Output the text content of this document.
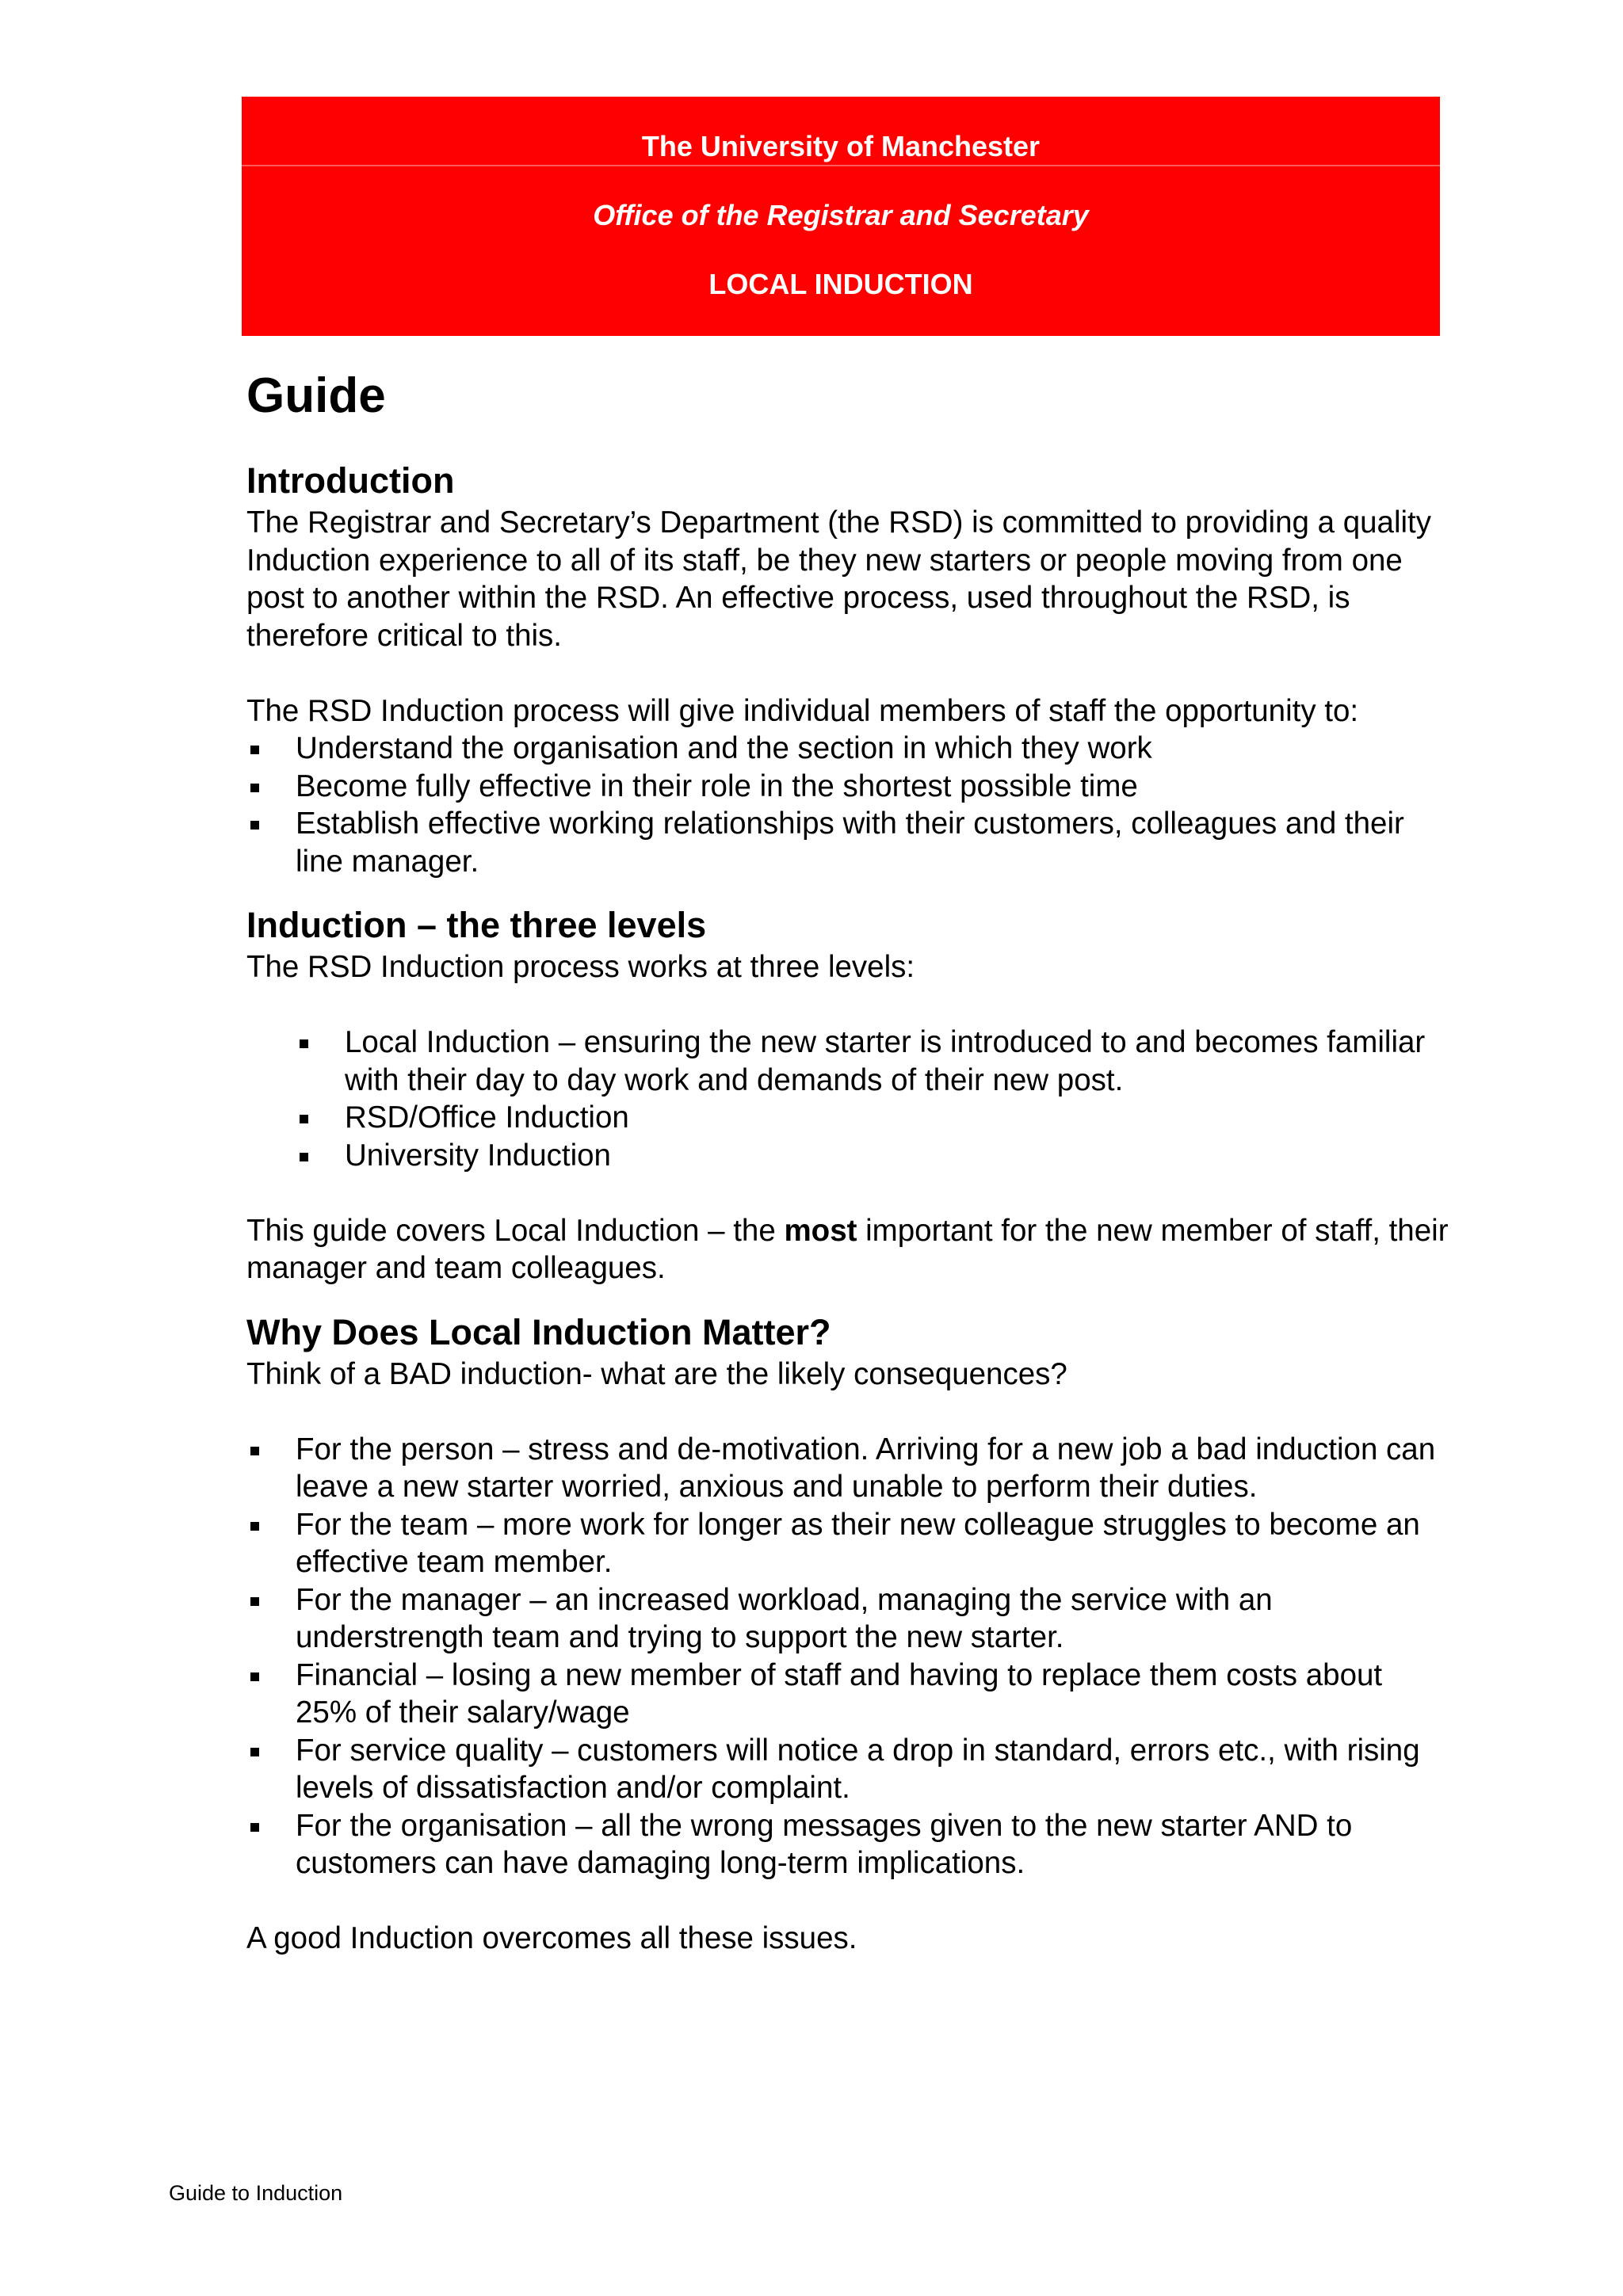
The University of Manchester
Office of the Registrar and Secretary
LOCAL INDUCTION
Guide
Introduction

The Registrar and Secretary’s Department (the RSD) is committed to providing a quality Induction experience to all of its staff, be they new starters or people moving from one post to another within the RSD. An effective process, used throughout the RSD, is therefore critical to this.

The RSD Induction process will give individual members of staff the opportunity to:

Understand the organisation and the section in which they work
Become fully effective in their role in the shortest possible time
Establish effective working relationships with their customers, colleagues and their line manager.
Induction – the three levels

The RSD Induction process works at three levels:

Local Induction – ensuring the new starter is introduced to and becomes familiar with their day to day work and demands of their new post.
RSD/Office Induction
University Induction

This guide covers Local Induction – the most important for the new member of staff, their manager and team colleagues.

Why Does Local Induction Matter?

Think of a BAD induction- what are the likely consequences?

For the person – stress and de-motivation. Arriving for a new job a bad induction can leave a new starter worried, anxious and unable to perform their duties.
For the team – more work for longer as their new colleague struggles to become an effective team member.
For the manager – an increased workload, managing the service with an understrength team and trying to support the new starter.
Financial – losing a new member of staff and having to replace them costs about 25% of their salary/wage
For service quality – customers will notice a drop in standard, errors etc., with rising levels of dissatisfaction and/or complaint.
For the organisation – all the wrong messages given to the new starter AND to customers can have damaging long-term implications.

A good Induction overcomes all these issues.

Guide to Induction
